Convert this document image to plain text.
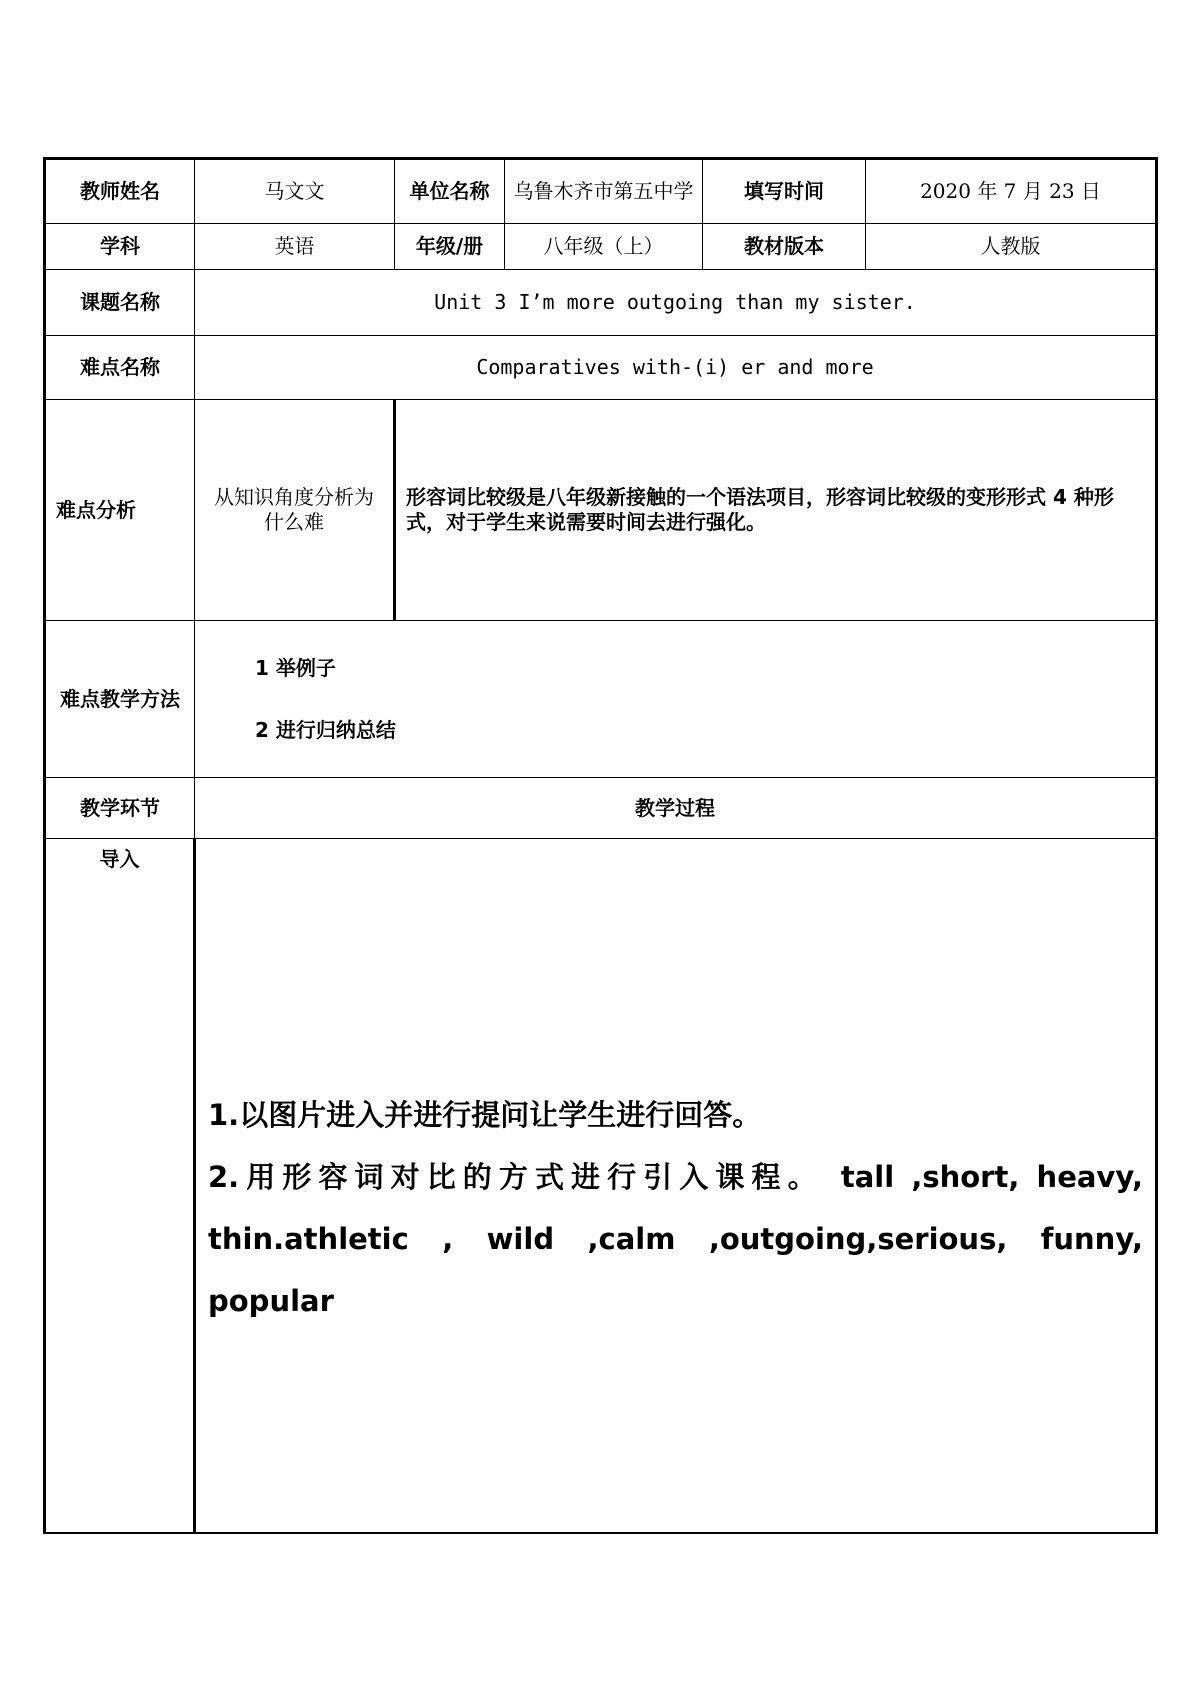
教师姓名	马文文	单位名称	乌鲁木齐市第五中学	填写时间	2020 年 7 月 23 日
学科	英语	年级/册	八年级（上）	教材版本	人教版
课题名称	Unit 3 I’m more outgoing than my sister.				
难点名称	Comparatives with-(i) er and more				
难点分析	从知识角度分析为什么难	形容词比较级是八年级新接触的一个语法项目，形容词比较级的变形形式 4 种形式，对于学生来说需要时间去进行强化。			
难点教学方法	1 举例子
2 进行归纳总结				

教学环节	教学过程				
导入	1.以图片进入并进行提问让学生进行回答。
2.用形容词对比的方式进行引入课程。 tall ,short, heavy, thin.athletic , wild ,calm ,outgoing,serious, funny, popular				
